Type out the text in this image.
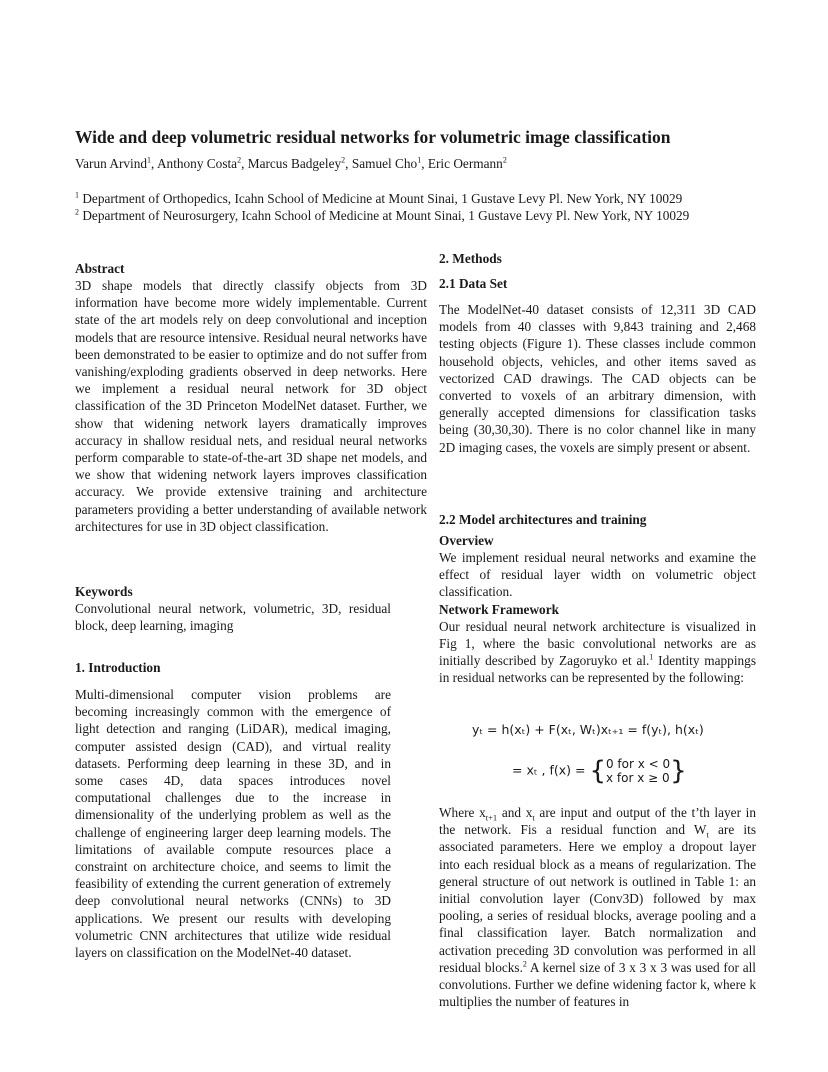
Wide and deep volumetric residual networks for volumetric image classification
Varun Arvind$^1$, Anthony Costa$^2$, Marcus Badgeley$^2$, Samuel Cho$^1$, Eric Oermann$^2$
$^1$ Department of Orthopedics, Icahn School of Medicine at Mount Sinai, 1 Gustave Levy Pl. New York, NY 10029
$^2$ Department of Neurosurgery, Icahn School of Medicine at Mount Sinai, 1 Gustave Levy Pl. New York, NY 10029
Abstract
3D shape models that directly classify objects from 3D information have become more widely implementable. Current state of the art models rely on deep convolutional and inception models that are resource intensive. Residual neural networks have been demonstrated to be easier to optimize and do not suffer from vanishing/exploding gradients observed in deep networks. Here we implement a residual neural network for 3D object classification of the 3D Princeton ModelNet dataset. Further, we show that widening network layers dramatically improves accuracy in shallow residual nets, and residual neural networks perform comparable to state-of-the-art 3D shape net models, and we show that widening network layers improves classification accuracy. We provide extensive training and architecture parameters providing a better understanding of available network architectures for use in 3D object classification.
Keywords
Convolutional neural network, volumetric, 3D, residual block, deep learning, imaging
1. Introduction
Multi-dimensional computer vision problems are becoming increasingly common with the emergence of light detection and ranging (LiDAR), medical imaging, computer assisted design (CAD), and virtual reality datasets. Performing deep learning in these 3D, and in some cases 4D, data spaces introduces novel computational challenges due to the increase in dimensionality of the underlying problem as well as the challenge of engineering larger deep learning models. The limitations of available compute resources place a constraint on architecture choice, and seems to limit the feasibility of extending the current generation of extremely deep convolutional neural networks (CNNs) to 3D applications. We present our results with developing volumetric CNN architectures that utilize wide residual layers on classification on the ModelNet-40 dataset.
2. Methods
2.1 Data Set
The ModelNet-40 dataset consists of 12,311 3D CAD models from 40 classes with 9,843 training and 2,468 testing objects (Figure 1). These classes include common household objects, vehicles, and other items saved as vectorized CAD drawings. The CAD objects can be converted to voxels of an arbitrary dimension, with generally accepted dimensions for classification tasks being (30,30,30). There is no color channel like in many 2D imaging cases, the voxels are simply present or absent.
2.2 Model architectures and training
Overview
We implement residual neural networks and examine the effect of residual layer width on volumetric object classification.
Network Framework
Our residual neural network architecture is visualized in Fig 1, where the basic convolutional networks are as initially described by Zagoruyko et al.$^1$ Identity mappings in residual networks can be represented by the following:
yₜ = h(xₜ) + F(xₜ, Wₜ)xₜ₊₁ = f(yₜ), h(xₜ)
= xₜ , f(x) = {0 for x < 0
x for x ≥ 0}
Where $x_{t+1}$ and $x_t$ are input and output of the t’th layer in the network. Fis a residual function and $W_t$ are its associated parameters. Here we employ a dropout layer into each residual block as a means of regularization. The general structure of out network is outlined in Table 1: an initial convolution layer (Conv3D) followed by max pooling, a series of residual blocks, average pooling and a final classification layer. Batch normalization and activation preceding 3D convolution was performed in all residual blocks.$^2$ A kernel size of 3 x 3 x 3 was used for all convolutions. Further we define widening factor k, where k multiplies the number of features in
